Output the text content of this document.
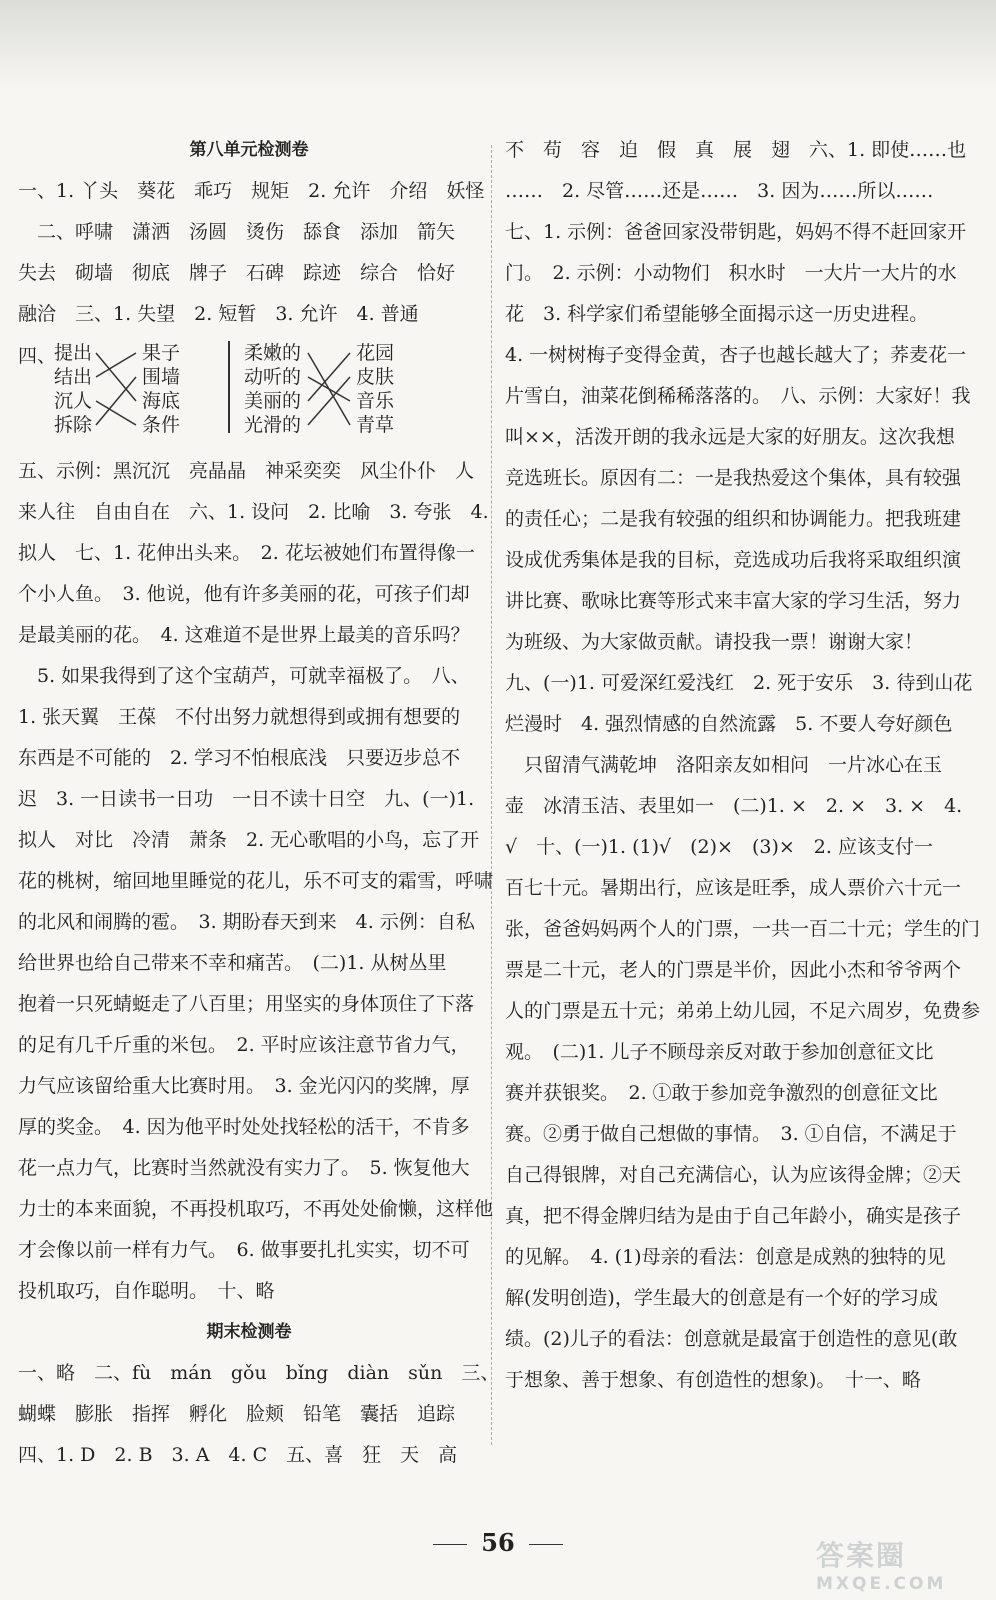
第八单元检测卷
一、1. 丫头　葵花　乖巧　规矩　2. 允许　介绍　妖怪
　二、呼啸　潇洒　汤圆　烫伤　舔食　添加　箭矢
失去　砌墙　彻底　牌子　石碑　踪迹　综合　恰好
融洽　三、1. 失望　2. 短暂　3. 允许　4. 普通
四、
提出
结出
沉人
拆除
果子
围墙
海底
条件
柔嫩的
动听的
美丽的
光滑的
花园
皮肤
音乐
青草
五、示例：黑沉沉　亮晶晶　神采奕奕　风尘仆仆　人
来人往　自由自在　六、1. 设问　2. 比喻　3. 夸张　4.
拟人　七、1. 花伸出头来。　2. 花坛被她们布置得像一
个小人鱼。　3. 他说，他有许多美丽的花，可孩子们却
是最美丽的花。　4. 这难道不是世界上最美的音乐吗？
　5. 如果我得到了这个宝葫芦，可就幸福极了。　八、
1. 张天翼　王葆　不付出努力就想得到或拥有想要的
东西是不可能的　2. 学习不怕根底浅　只要迈步总不
迟　3. 一日读书一日功　一日不读十日空　九、(一)1.
拟人　对比　冷清　萧条　2. 无心歌唱的小鸟，忘了开
花的桃树，缩回地里睡觉的花儿，乐不可支的霜雪，呼啸
的北风和闹腾的雹。　3. 期盼春天到来　4. 示例：自私
给世界也给自己带来不幸和痛苦。　(二)1. 从树丛里
抱着一只死蜻蜓走了八百里；用坚实的身体顶住了下落
的足有几千斤重的米包。　2. 平时应该注意节省力气，
力气应该留给重大比赛时用。　3. 金光闪闪的奖牌，厚
厚的奖金。　4. 因为他平时处处找轻松的活干，不肯多
花一点力气，比赛时当然就没有实力了。　5. 恢复他大
力士的本来面貌，不再投机取巧，不再处处偷懒，这样他
才会像以前一样有力气。　6. 做事要扎扎实实，切不可
投机取巧，自作聪明。　十、略
期末检测卷
一、略　二、fù　mán　gǒu　bǐng　diàn　sǔn　三、
蝴蝶　膨胀　指挥　孵化　脸颊　铅笔　囊括　追踪
四、1. D　2. B　3. A　4. C　五、喜　狂　天　高
不　苟　容　迫　假　真　展　翅　六、1. 即使……也
……　2. 尽管……还是……　3. 因为……所以……
七、1. 示例：爸爸回家没带钥匙，妈妈不得不赶回家开
门。　2. 示例：小动物们　积水时　一大片一大片的水
花　3. 科学家们希望能够全面揭示这一历史进程。
4. 一树树梅子变得金黄，杏子也越长越大了；荞麦花一
片雪白，油菜花倒稀稀落落的。　八、示例：大家好！我
叫××，活泼开朗的我永远是大家的好朋友。这次我想
竞选班长。原因有二：一是我热爱这个集体，具有较强
的责任心；二是我有较强的组织和协调能力。把我班建
设成优秀集体是我的目标，竞选成功后我将采取组织演
讲比赛、歌咏比赛等形式来丰富大家的学习生活，努力
为班级、为大家做贡献。请投我一票！谢谢大家！
九、(一)1. 可爱深红爱浅红　2. 死于安乐　3. 待到山花
烂漫时　4. 强烈情感的自然流露　5. 不要人夸好颜色
　只留清气满乾坤　洛阳亲友如相问　一片冰心在玉
壶　冰清玉洁、表里如一　(二)1. ×　2. ×　3. ×　4.
√　十、(一)1. (1)√　(2)×　(3)×　2. 应该支付一
百七十元。暑期出行，应该是旺季，成人票价六十元一
张，爸爸妈妈两个人的门票，一共一百二十元；学生的门
票是二十元，老人的门票是半价，因此小杰和爷爷两个
人的门票是五十元；弟弟上幼儿园，不足六周岁，免费参
观。　(二)1. 儿子不顾母亲反对敢于参加创意征文比
赛并获银奖。　2. ①敢于参加竞争激烈的创意征文比
赛。②勇于做自己想做的事情。　3. ①自信，不满足于
自己得银牌，对自己充满信心，认为应该得金牌；②天
真，把不得金牌归结为是由于自己年龄小，确实是孩子
的见解。　4. (1)母亲的看法：创意是成熟的独特的见
解(发明创造)，学生最大的创意是有一个好的学习成
绩。(2)儿子的看法：创意就是最富于创造性的意见(敢
于想象、善于想象、有创造性的想象)。　十一、略
56	答案圈
MXQE.COM
